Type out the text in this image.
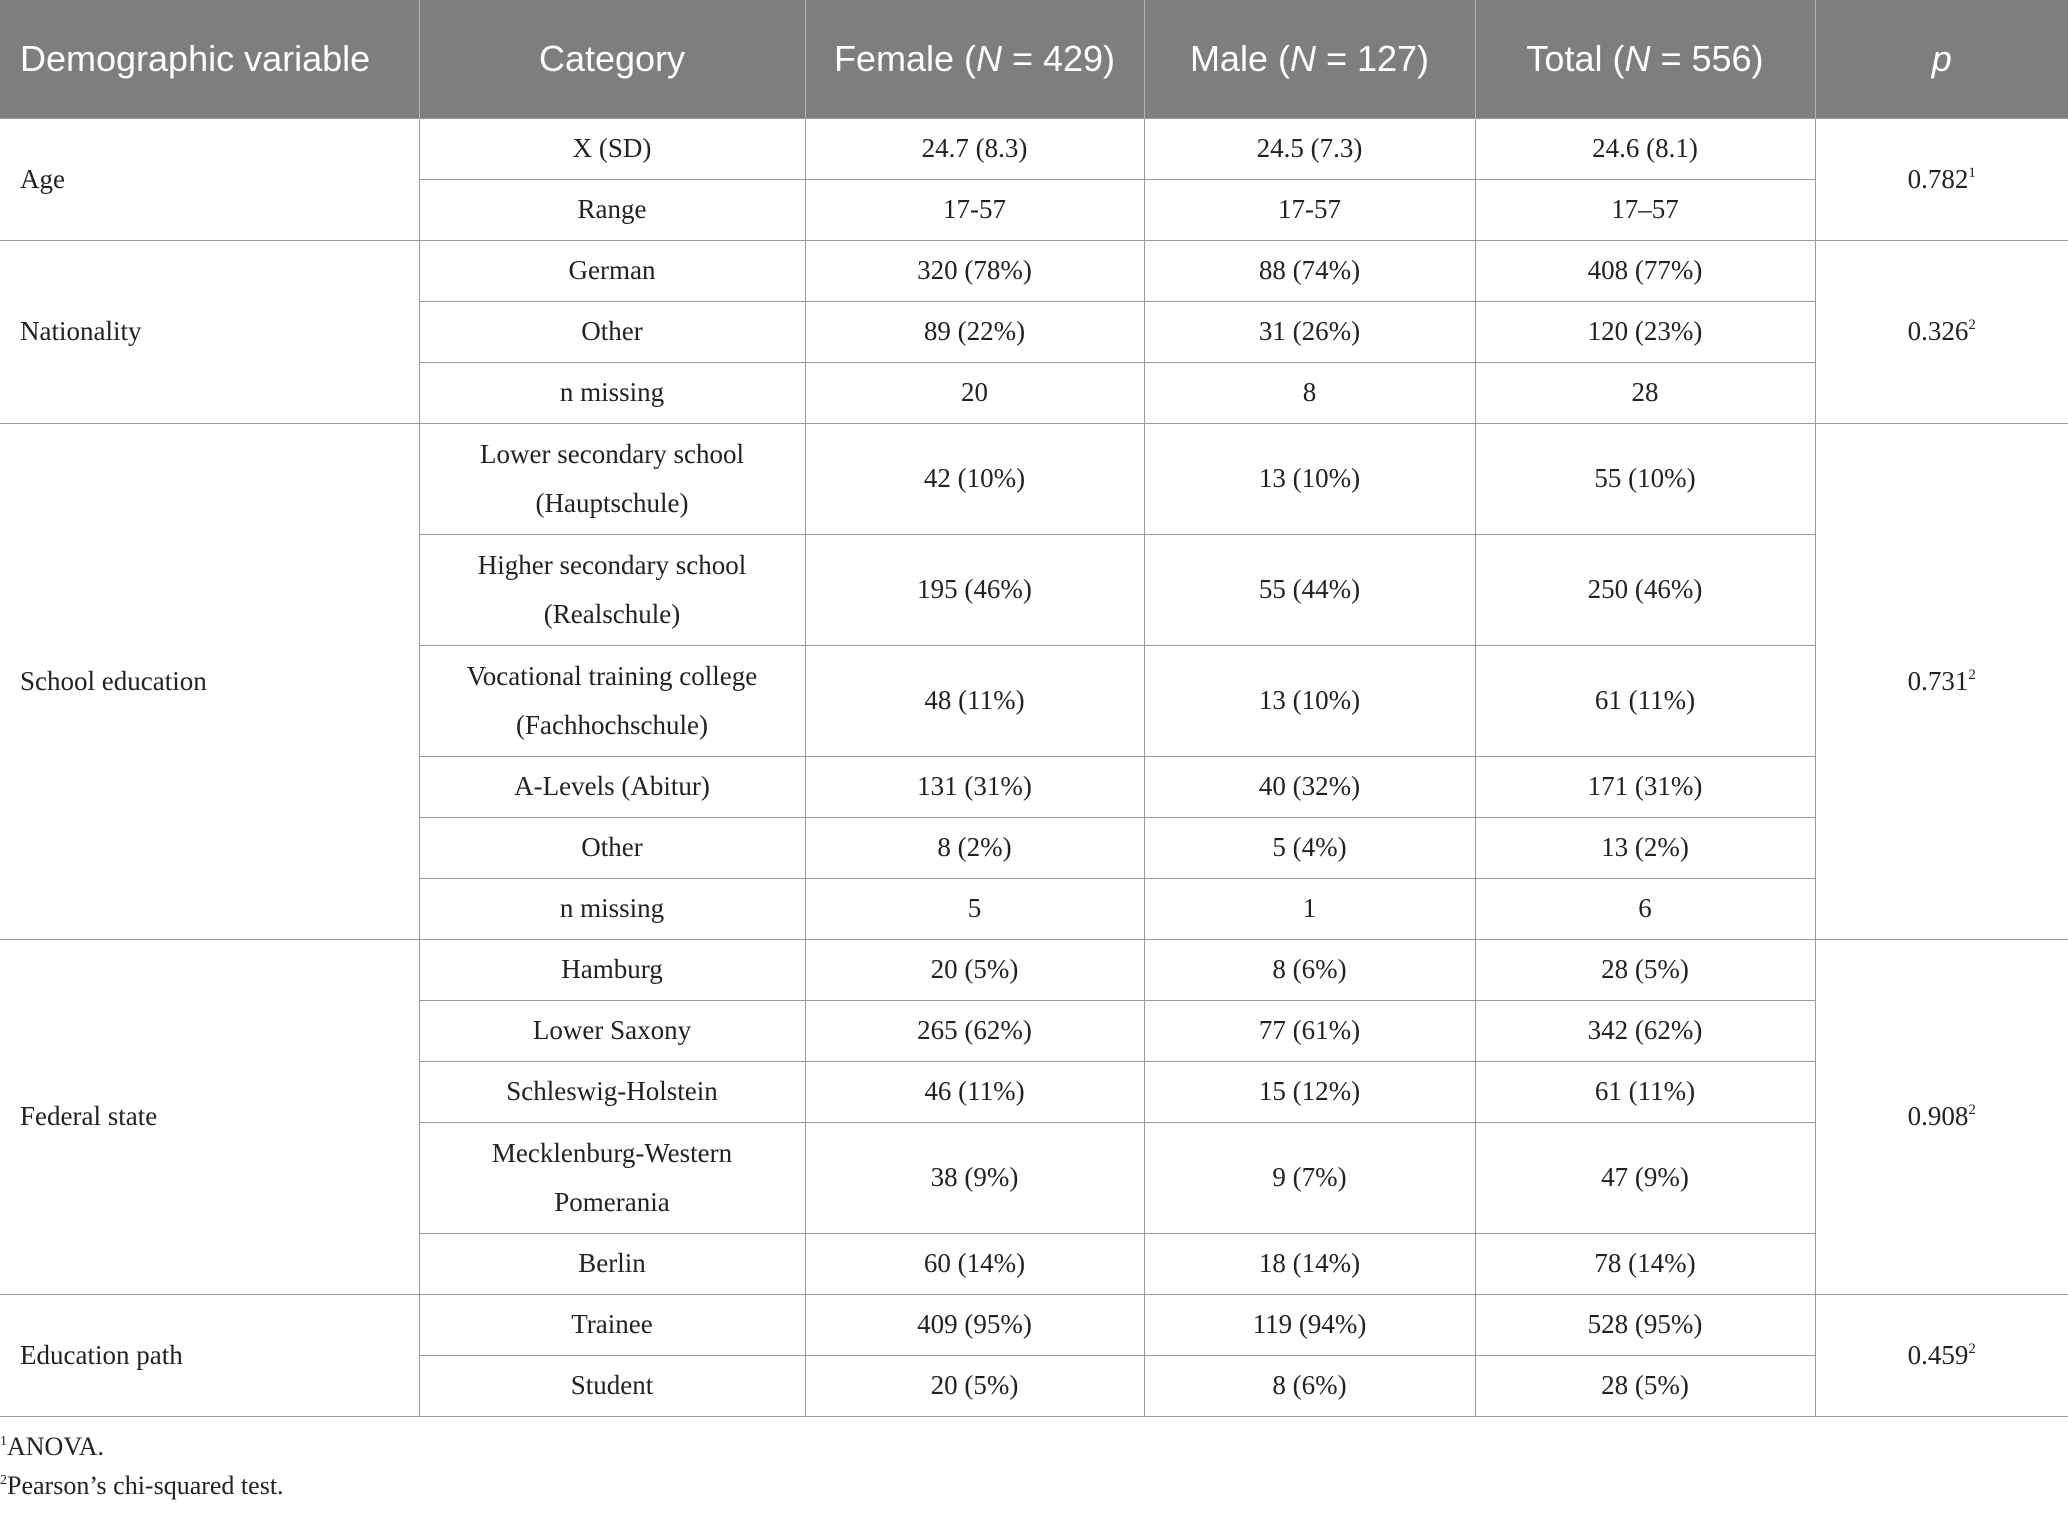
Demographic variable	Category	Female (N = 429)	Male (N = 127)	Total (N = 556)	p
Age	X (SD)	24.7 (8.3)	24.5 (7.3)	24.6 (8.1)	0.782$^1$
	Range	17-57	17-57	17–57	
Nationality	German	320 (78%)	88 (74%)	408 (77%)	0.326$^2$
	Other	89 (22%)	31 (26%)	120 (23%)	
	n missing	20	8	28	
School education	Lower secondary school (Hauptschule)	42 (10%)	13 (10%)	55 (10%)	0.731$^2$
	Higher secondary school (Realschule)	195 (46%)	55 (44%)	250 (46%)	
	Vocational training college (Fachhochschule)	48 (11%)	13 (10%)	61 (11%)	
	A-Levels (Abitur)	131 (31%)	40 (32%)	171 (31%)	
	Other	8 (2%)	5 (4%)	13 (2%)	
	n missing	5	1	6	
Federal state	Hamburg	20 (5%)	8 (6%)	28 (5%)	0.908$^2$
	Lower Saxony	265 (62%)	77 (61%)	342 (62%)	
	Schleswig-Holstein	46 (11%)	15 (12%)	61 (11%)	
	Mecklenburg-Western Pomerania	38 (9%)	9 (7%)	47 (9%)	
	Berlin	60 (14%)	18 (14%)	78 (14%)	
Education path	Trainee	409 (95%)	119 (94%)	528 (95%)	0.459$^2$
	Student	20 (5%)	8 (6%)	28 (5%)	
$^1$ANOVA.
$^2$Pearson’s chi-squared test.
